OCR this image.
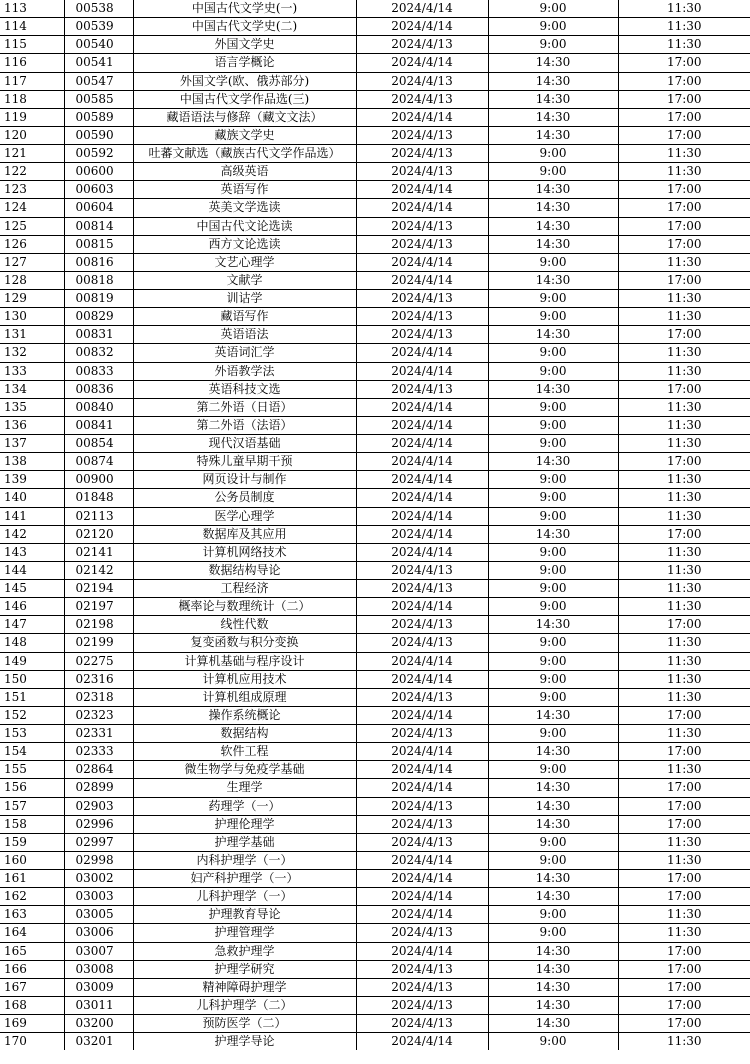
113	00538	中国古代文学史(一)	2024/4/14	9:00	11:30
114	00539	中国古代文学史(二)	2024/4/14	9:00	11:30
115	00540	外国文学史	2024/4/13	9:00	11:30
116	00541	语言学概论	2024/4/14	14:30	17:00
117	00547	外国文学(欧、俄苏部分)	2024/4/13	14:30	17:00
118	00585	中国古代文学作品选(三)	2024/4/13	14:30	17:00
119	00589	藏语语法与修辞（藏文文法）	2024/4/14	14:30	17:00
120	00590	藏族文学史	2024/4/13	14:30	17:00
121	00592	吐蕃文献选（藏族古代文学作品选）	2024/4/13	9:00	11:30
122	00600	高级英语	2024/4/13	9:00	11:30
123	00603	英语写作	2024/4/14	14:30	17:00
124	00604	英美文学选读	2024/4/14	14:30	17:00
125	00814	中国古代文论选读	2024/4/13	14:30	17:00
126	00815	西方文论选读	2024/4/13	14:30	17:00
127	00816	文艺心理学	2024/4/14	9:00	11:30
128	00818	文献学	2024/4/14	14:30	17:00
129	00819	训诂学	2024/4/13	9:00	11:30
130	00829	藏语写作	2024/4/13	9:00	11:30
131	00831	英语语法	2024/4/13	14:30	17:00
132	00832	英语词汇学	2024/4/14	9:00	11:30
133	00833	外语教学法	2024/4/14	9:00	11:30
134	00836	英语科技文选	2024/4/13	14:30	17:00
135	00840	第二外语（日语）	2024/4/14	9:00	11:30
136	00841	第二外语（法语）	2024/4/14	9:00	11:30
137	00854	现代汉语基础	2024/4/14	9:00	11:30
138	00874	特殊儿童早期干预	2024/4/14	14:30	17:00
139	00900	网页设计与制作	2024/4/14	9:00	11:30
140	01848	公务员制度	2024/4/14	9:00	11:30
141	02113	医学心理学	2024/4/14	9:00	11:30
142	02120	数据库及其应用	2024/4/14	14:30	17:00
143	02141	计算机网络技术	2024/4/14	9:00	11:30
144	02142	数据结构导论	2024/4/13	9:00	11:30
145	02194	工程经济	2024/4/13	9:00	11:30
146	02197	概率论与数理统计（二）	2024/4/14	9:00	11:30
147	02198	线性代数	2024/4/13	14:30	17:00
148	02199	复变函数与积分变换	2024/4/13	9:00	11:30
149	02275	计算机基础与程序设计	2024/4/14	9:00	11:30
150	02316	计算机应用技术	2024/4/14	9:00	11:30
151	02318	计算机组成原理	2024/4/13	9:00	11:30
152	02323	操作系统概论	2024/4/14	14:30	17:00
153	02331	数据结构	2024/4/13	9:00	11:30
154	02333	软件工程	2024/4/14	14:30	17:00
155	02864	微生物学与免疫学基础	2024/4/14	9:00	11:30
156	02899	生理学	2024/4/14	14:30	17:00
157	02903	药理学（一）	2024/4/13	14:30	17:00
158	02996	护理伦理学	2024/4/13	14:30	17:00
159	02997	护理学基础	2024/4/13	9:00	11:30
160	02998	内科护理学（一）	2024/4/14	9:00	11:30
161	03002	妇产科护理学（一）	2024/4/14	14:30	17:00
162	03003	儿科护理学（一）	2024/4/14	14:30	17:00
163	03005	护理教育导论	2024/4/14	9:00	11:30
164	03006	护理管理学	2024/4/13	9:00	11:30
165	03007	急救护理学	2024/4/14	14:30	17:00
166	03008	护理学研究	2024/4/13	14:30	17:00
167	03009	精神障碍护理学	2024/4/13	14:30	17:00
168	03011	儿科护理学（二）	2024/4/13	14:30	17:00
169	03200	预防医学（二）	2024/4/13	14:30	17:00
170	03201	护理学导论	2024/4/14	9:00	11:30
